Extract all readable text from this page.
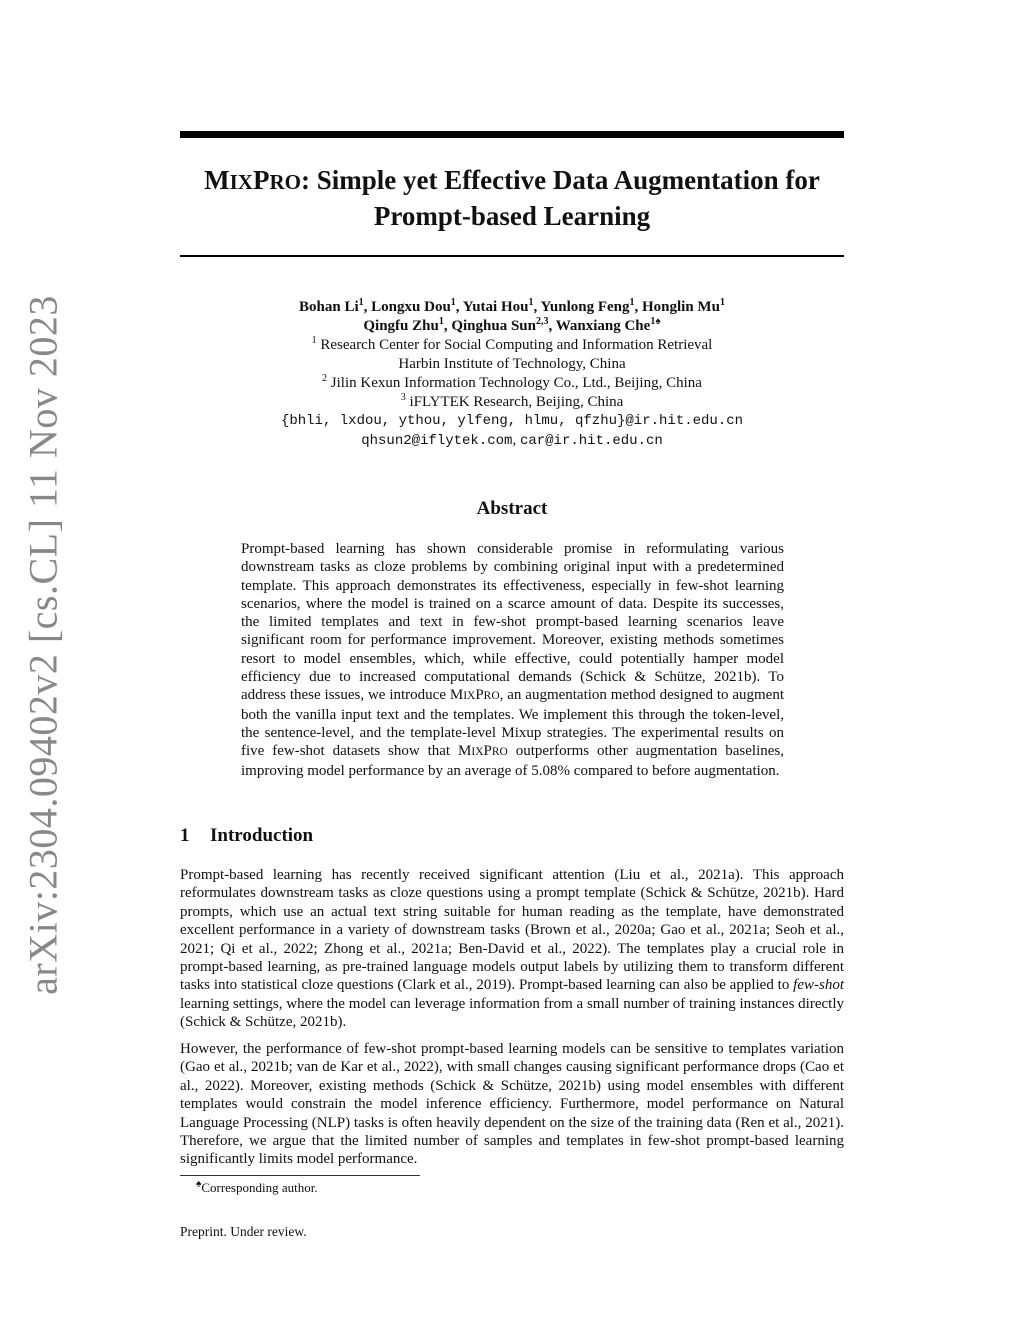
arXiv:2304.09402v2 [cs.CL] 11 Nov 2023
MIXPRO: Simple yet Effective Data Augmentation for
Prompt-based Learning
Bohan Li$^1$, Longxu Dou$^1$, Yutai Hou$^1$, Yunlong Feng$^1$, Honglin Mu$^1$
Qingfu Zhu$^1$, Qinghua Sun$^{2,3}$, Wanxiang Che$^{1♠}$
$^1$ Research Center for Social Computing and Information Retrieval
Harbin Institute of Technology, China
$^2$ Jilin Kexun Information Technology Co., Ltd., Beijing, China
$^3$ iFLYTEK Research, Beijing, China
{bhli, lxdou, ythou, ylfeng, hlmu, qfzhu}@ir.hit.edu.cn
qhsun2@iflytek.com, car@ir.hit.edu.cn
Abstract
Prompt-based learning has shown considerable promise in reformulating various downstream tasks as cloze problems by combining original input with a predetermined template. This approach demonstrates its effectiveness, especially in few-shot learning scenarios, where the model is trained on a scarce amount of data. Despite its successes, the limited templates and text in few-shot prompt-based learning scenarios leave significant room for performance improvement. Moreover, existing methods sometimes resort to model ensembles, which, while effective, could potentially hamper model efficiency due to increased computational demands (Schick & Schütze, 2021b). To address these issues, we introduce MIXPRO, an augmentation method designed to augment both the vanilla input text and the templates. We implement this through the token-level, the sentence-level, and the template-level Mixup strategies. The experimental results on five few-shot datasets show that MIXPRO outperforms other augmentation baselines, improving model performance by an average of 5.08% compared to before augmentation.
1 Introduction
Prompt-based learning has recently received significant attention (Liu et al., 2021a). This approach reformulates downstream tasks as cloze questions using a prompt template (Schick & Schütze, 2021b). Hard prompts, which use an actual text string suitable for human reading as the template, have demonstrated excellent performance in a variety of downstream tasks (Brown et al., 2020a; Gao et al., 2021a; Seoh et al., 2021; Qi et al., 2022; Zhong et al., 2021a; Ben-David et al., 2022). The templates play a crucial role in prompt-based learning, as pre-trained language models output labels by utilizing them to transform different tasks into statistical cloze questions (Clark et al., 2019). Prompt-based learning can also be applied to few-shot learning settings, where the model can leverage information from a small number of training instances directly (Schick & Schütze, 2021b).
However, the performance of few-shot prompt-based learning models can be sensitive to templates variation (Gao et al., 2021b; van de Kar et al., 2022), with small changes causing significant performance drops (Cao et al., 2022). Moreover, existing methods (Schick & Schütze, 2021b) using model ensembles with different templates would constrain the model inference efficiency. Furthermore, model performance on Natural Language Processing (NLP) tasks is often heavily dependent on the size of the training data (Ren et al., 2021). Therefore, we argue that the limited number of samples and templates in few-shot prompt-based learning significantly limits model performance.
♠Corresponding author.
Preprint. Under review.
